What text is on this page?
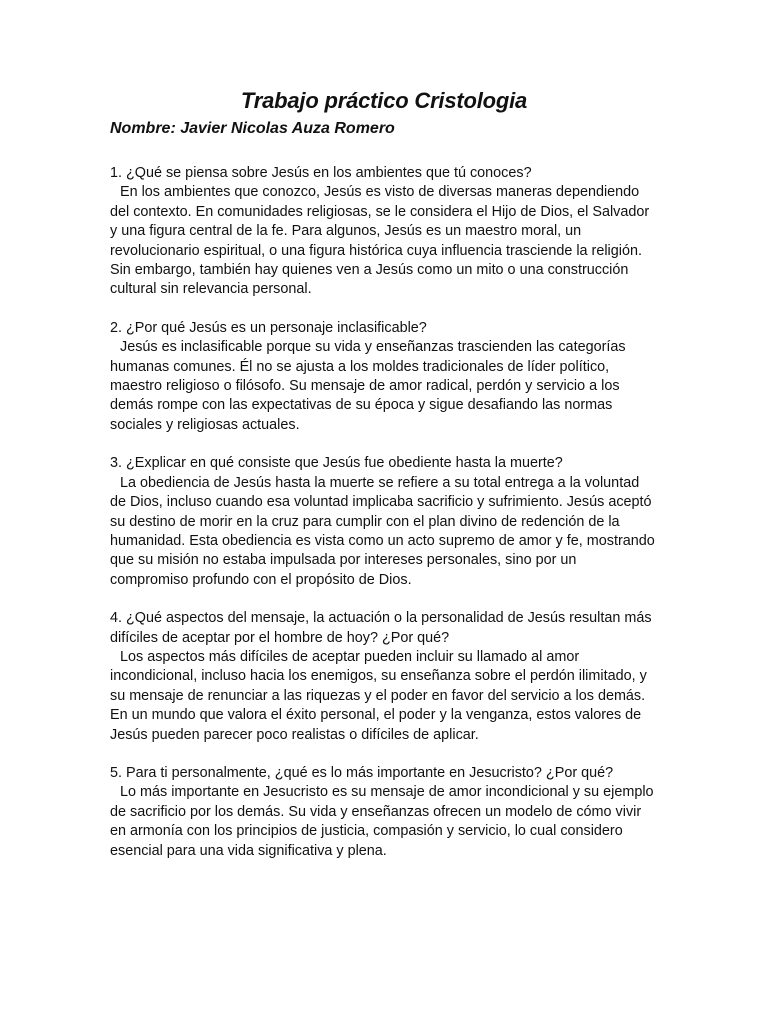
Trabajo práctico Cristologia

Nombre: Javier Nicolas Auza Romero

1. ¿Qué se piensa sobre Jesús en los ambientes que tú conoces?

En los ambientes que conozco, Jesús es visto de diversas maneras dependiendo del contexto. En comunidades religiosas, se le considera el Hijo de Dios, el Salvador y una figura central de la fe. Para algunos, Jesús es un maestro moral, un revolucionario espiritual, o una figura histórica cuya influencia trasciende la religión. Sin embargo, también hay quienes ven a Jesús como un mito o una construcción cultural sin relevancia personal.

2. ¿Por qué Jesús es un personaje inclasificable?

Jesús es inclasificable porque su vida y enseñanzas trascienden las categorías humanas comunes. Él no se ajusta a los moldes tradicionales de líder político, maestro religioso o filósofo. Su mensaje de amor radical, perdón y servicio a los demás rompe con las expectativas de su época y sigue desafiando las normas sociales y religiosas actuales.

3. ¿Explicar en qué consiste que Jesús fue obediente hasta la muerte?

La obediencia de Jesús hasta la muerte se refiere a su total entrega a la voluntad de Dios, incluso cuando esa voluntad implicaba sacrificio y sufrimiento. Jesús aceptó su destino de morir en la cruz para cumplir con el plan divino de redención de la humanidad. Esta obediencia es vista como un acto supremo de amor y fe, mostrando que su misión no estaba impulsada por intereses personales, sino por un compromiso profundo con el propósito de Dios.

4. ¿Qué aspectos del mensaje, la actuación o la personalidad de Jesús resultan más difíciles de aceptar por el hombre de hoy? ¿Por qué?

Los aspectos más difíciles de aceptar pueden incluir su llamado al amor incondicional, incluso hacia los enemigos, su enseñanza sobre el perdón ilimitado, y su mensaje de renunciar a las riquezas y el poder en favor del servicio a los demás. En un mundo que valora el éxito personal, el poder y la venganza, estos valores de Jesús pueden parecer poco realistas o difíciles de aplicar.

5. Para ti personalmente, ¿qué es lo más importante en Jesucristo? ¿Por qué?

Lo más importante en Jesucristo es su mensaje de amor incondicional y su ejemplo de sacrificio por los demás. Su vida y enseñanzas ofrecen un modelo de cómo vivir en armonía con los principios de justicia, compasión y servicio, lo cual considero esencial para una vida significativa y plena.
